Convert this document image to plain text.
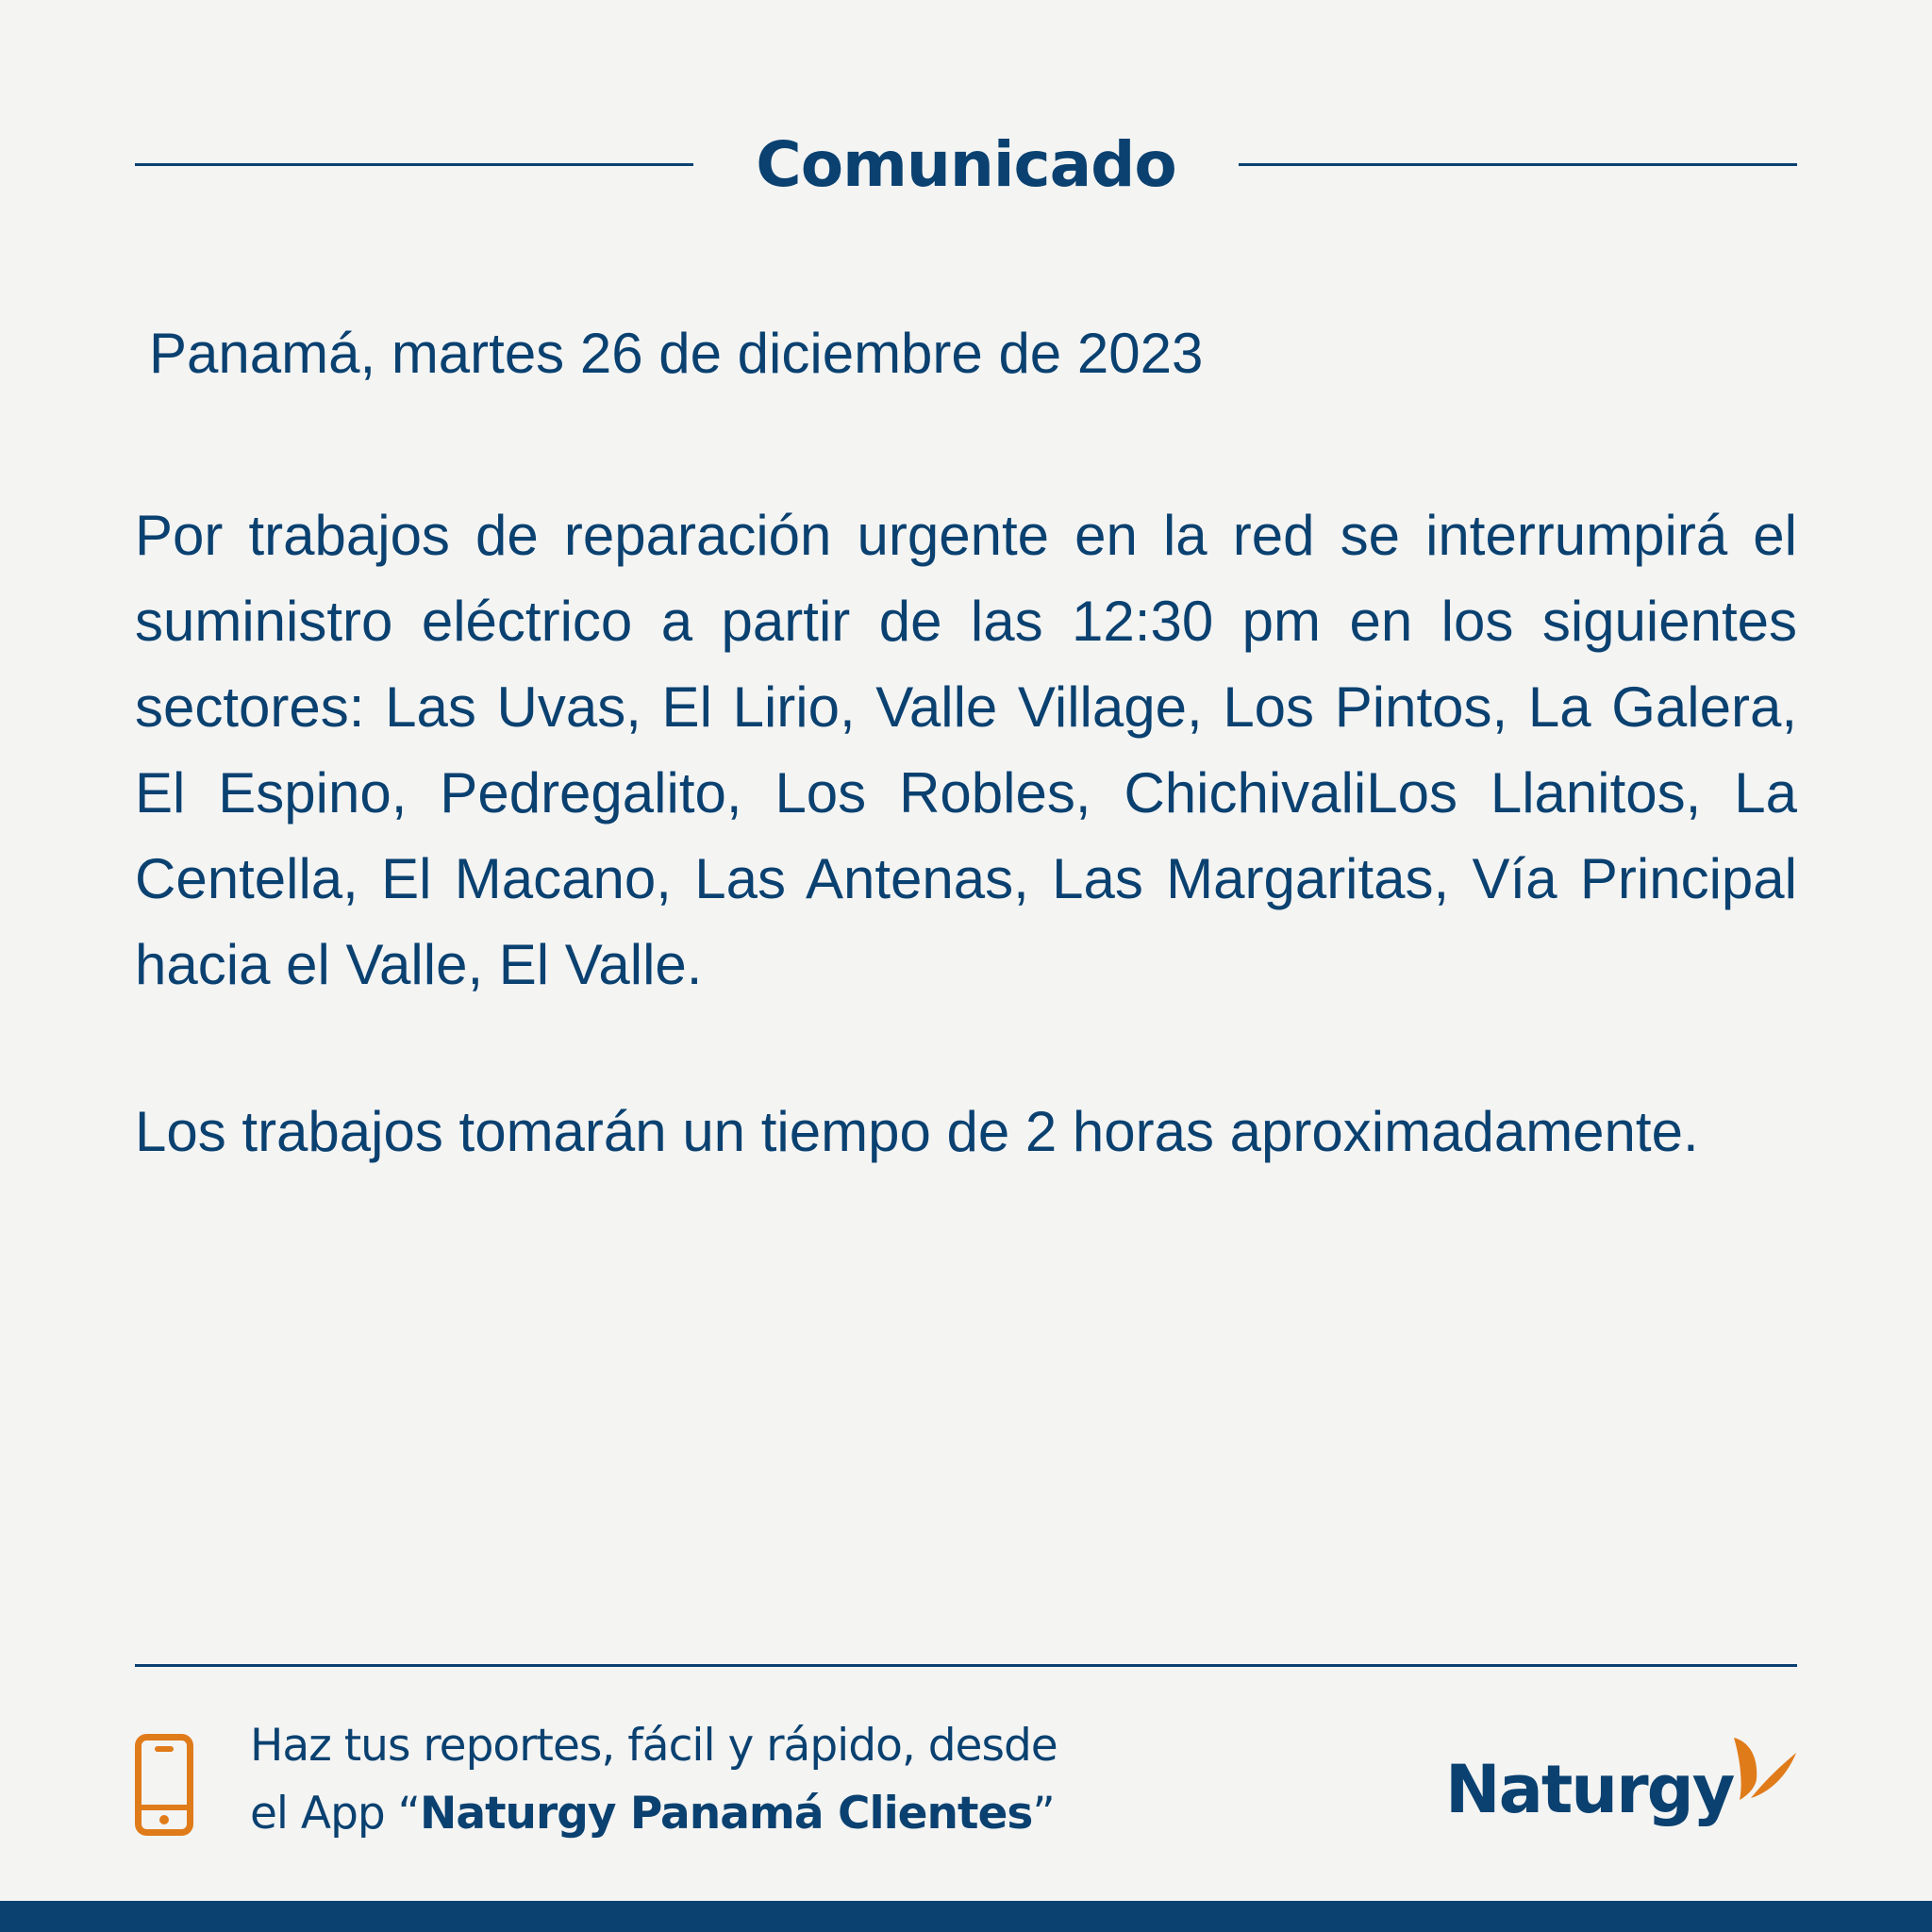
Comunicado
Panamá, martes 26 de diciembre de 2023

Por trabajos de reparación urgente en la red se interrumpirá el suministro eléctrico a partir de las 12:30 pm en los siguientes sectores: Las Uvas, El Lirio, Valle Village, Los Pintos, La Galera, El Espino, Pedregalito, Los Robles, ChichivaliLos Llanitos, La Centella, El Macano, Las Antenas, Las Margaritas, Vía Principal hacia el Valle, El Valle.

Los trabajos tomarán un tiempo de 2 horas aproximadamente.

Haz tus reportes, fácil y rápido, desde
el App “Naturgy Panamá Clientes”	Naturgy
